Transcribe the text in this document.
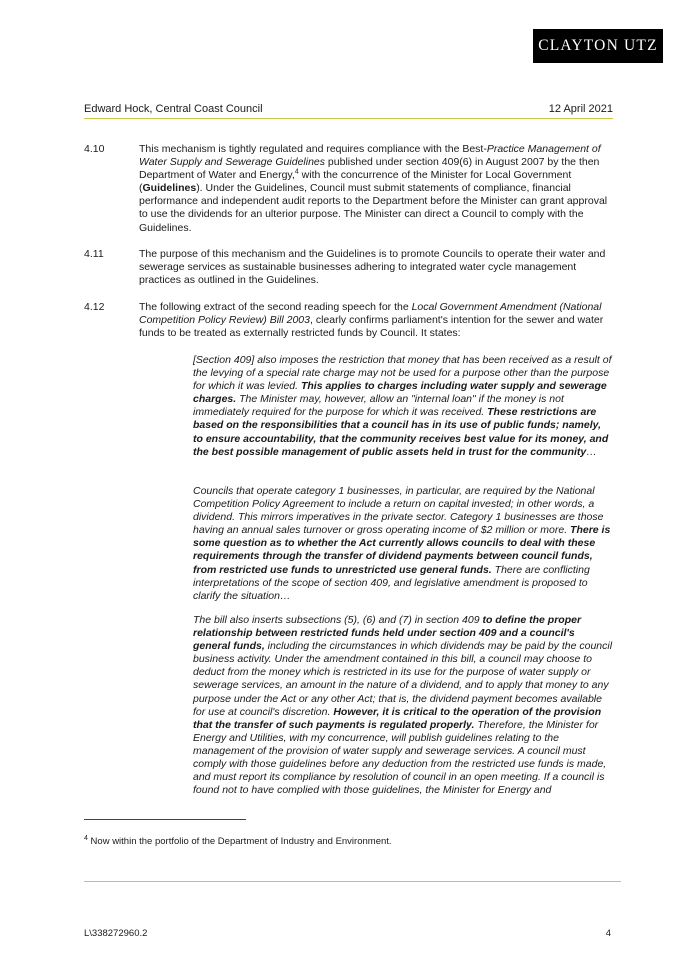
CLAYTON UTZ
Edward Hock, Central Coast Council	12 April 2021
4.10	This mechanism is tightly regulated and requires compliance with the Best-Practice Management of Water Supply and Sewerage Guidelines published under section 409(6) in August 2007 by the then Department of Water and Energy,$^4$ with the concurrence of the Minister for Local Government (Guidelines). Under the Guidelines, Council must submit statements of compliance, financial performance and independent audit reports to the Department before the Minister can grant approval to use the dividends for an ulterior purpose. The Minister can direct a Council to comply with the Guidelines.
4.11	The purpose of this mechanism and the Guidelines is to promote Councils to operate their water and sewerage services as sustainable businesses adhering to integrated water cycle management practices as outlined in the Guidelines.
4.12	The following extract of the second reading speech for the Local Government Amendment (National Competition Policy Review) Bill 2003, clearly confirms parliament's intention for the sewer and water funds to be treated as externally restricted funds by Council. It states:
[Section 409] also imposes the restriction that money that has been received as a result of the levying of a special rate charge may not be used for a purpose other than the purpose for which it was levied. This applies to charges including water supply and sewerage charges. The Minister may, however, allow an "internal loan" if the money is not immediately required for the purpose for which it was received. These restrictions are based on the responsibilities that a council has in its use of public funds; namely, to ensure accountability, that the community receives best value for its money, and the best possible management of public assets held in trust for the community…
Councils that operate category 1 businesses, in particular, are required by the National Competition Policy Agreement to include a return on capital invested; in other words, a dividend. This mirrors imperatives in the private sector. Category 1 businesses are those having an annual sales turnover or gross operating income of $2 million or more. There is some question as to whether the Act currently allows councils to deal with these requirements through the transfer of dividend payments between council funds, from restricted use funds to unrestricted use general funds. There are conflicting interpretations of the scope of section 409, and legislative amendment is proposed to clarify the situation…
The bill also inserts subsections (5), (6) and (7) in section 409 to define the proper relationship between restricted funds held under section 409 and a council's general funds, including the circumstances in which dividends may be paid by the council business activity. Under the amendment contained in this bill, a council may choose to deduct from the money which is restricted in its use for the purpose of water supply or sewerage services, an amount in the nature of a dividend, and to apply that money to any purpose under the Act or any other Act; that is, the dividend payment becomes available for use at council's discretion. However, it is critical to the operation of the provision that the transfer of such payments is regulated properly. Therefore, the Minister for Energy and Utilities, with my concurrence, will publish guidelines relating to the management of the provision of water supply and sewerage services. A council must comply with those guidelines before any deduction from the restricted use funds is made, and must report its compliance by resolution of council in an open meeting. If a council is found not to have complied with those guidelines, the Minister for Energy and
$^4$ Now within the portfolio of the Department of Industry and Environment.
L\338272960.2	4
